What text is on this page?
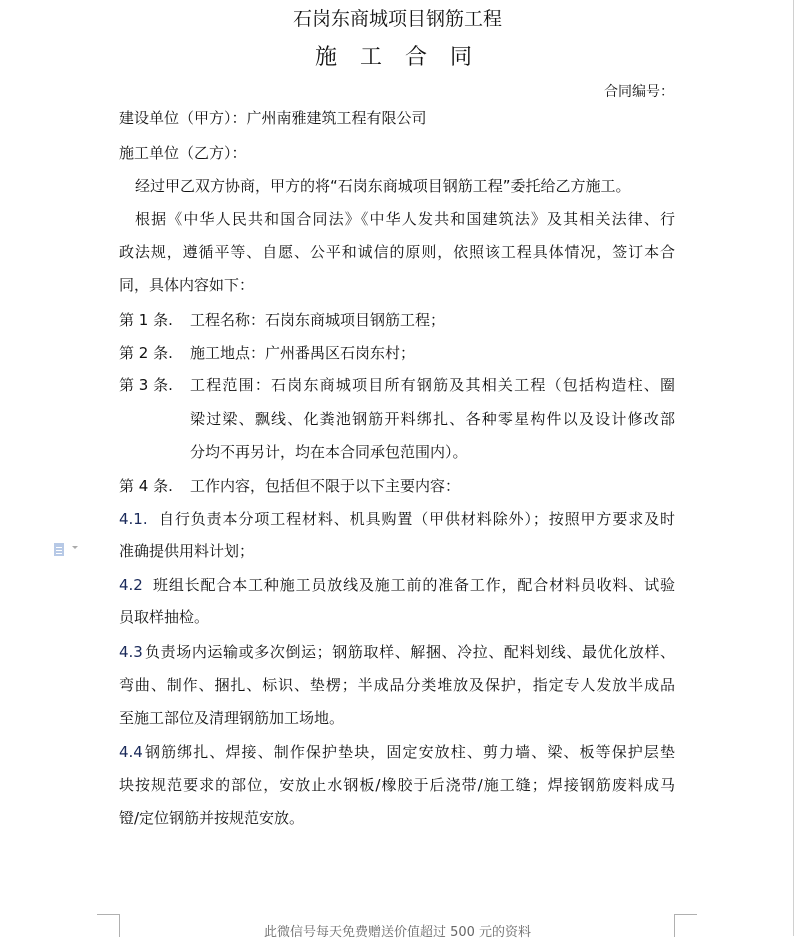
石岗东商城项目钢筋工程
施 工 合 同
合同编号：
建设单位（甲方）：广州南雅建筑工程有限公司
施工单位（乙方）：
经过甲乙双方协商，甲方的将“石岗东商城项目钢筋工程”委托给乙方施工。
根据《中华人民共和国合同法》《中华人发共和国建筑法》及其相关法律、行
政法规，遵循平等、自愿、公平和诚信的原则，依照该工程具体情况，签订本合
同，具体内容如下：
第 1 条. 工程名称：石岗东商城项目钢筋工程；
第 2 条. 施工地点：广州番禺区石岗东村；
第 3 条. 工程范围：石岗东商城项目所有钢筋及其相关工程（包括构造柱、圈
梁过梁、飘线、化粪池钢筋开料绑扎、各种零星构件以及设计修改部
分均不再另计，均在本合同承包范围内）。
第 4 条. 工作内容，包括但不限于以下主要内容：
4.1. 自行负责本分项工程材料、机具购置（甲供材料除外）；按照甲方要求及时
准确提供用料计划；
4.2 班组长配合本工种施工员放线及施工前的准备工作，配合材料员收料、试验
员取样抽检。
4.3 负责场内运输或多次倒运；钢筋取样、解捆、冷拉、配料划线、最优化放样、
弯曲、制作、捆扎、标识、垫楞；半成品分类堆放及保护，指定专人发放半成品
至施工部位及清理钢筋加工场地。
4.4 钢筋绑扎、焊接、制作保护垫块，固定安放柱、剪力墙、梁、板等保护层垫
块按规范要求的部位，安放止水钢板/橡胶于后浇带/施工缝；焊接钢筋废料成马
镫/定位钢筋并按规范安放。
此微信号每天免费赠送价值超过 500 元的资料
